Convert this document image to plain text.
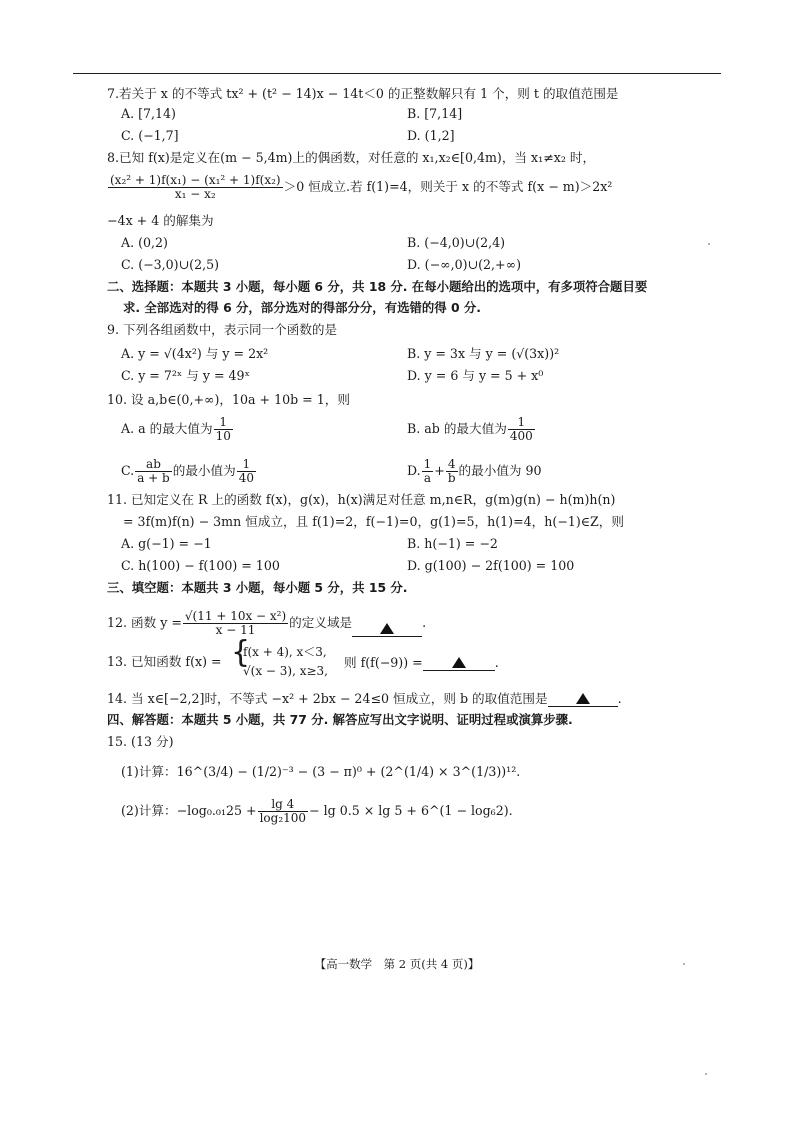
7.若关于 x 的不等式 tx² + (t² − 14)x − 14t＜0 的正整数解只有 1 个，则 t 的取值范围是
A. [7,14)	B. [7,14]
C. (−1,7]	D. (1,2]
8.已知 f(x)是定义在(m − 5,4m)上的偶函数，对任意的 x₁,x₂∈[0,4m)，当 x₁≠x₂ 时，
$\frac{\text{(x₂² + 1)f(x₁) − (x₁² + 1)f(x₂)}}{\text{x₁ − x₂}} >0$ 恒成立.若 f(1)=4，则关于 x 的不等式 f(x − m)＞2x²
−4x + 4 的解集为
A. (0,2)	B. (−4,0)∪(2,4)
C. (−3,0)∪(2,5)	D. (−∞,0)∪(2,+∞)
二、选择题：本题共 3 小题，每小题 6 分，共 18 分. 在每小题给出的选项中，有多项符合题目要
求. 全部选对的得 6 分，部分选对的得部分分，有选错的得 0 分.
9. 下列各组函数中，表示同一个函数的是
A. y = √(4x²) 与 y = 2x²	B. y = 3x 与 y = (√(3x))²
C. y = 7²ˣ 与 y = 49ˣ	D. y = 6 与 y = 5 + x⁰
10. 设 a,b∈(0,+∞)，10a + 10b = 1，则
A. a 的最大值为 $\frac{1}{10}$	B. ab 的最大值为 $\frac{1}{400}$
C. $\frac{ab}{a + b}$ 的最小值为 $\frac{1}{40}$	D. $\frac{1}{a} + \frac{4}{b}$ 的最小值为 90
11. 已知定义在 R 上的函数 f(x)，g(x)，h(x)满足对任意 m,n∈R，g(m)g(n) − h(m)h(n)
= 3f(m)f(n) − 3mn 恒成立，且 f(1)=2，f(−1)=0，g(1)=5，h(1)=4，h(−1)∈Z，则
A. g(−1) = −1	B. h(−1) = −2
C. h(100) − f(100) = 100	D. g(100) − 2f(100) = 100
三、填空题：本题共 3 小题，每小题 5 分，共 15 分.
12. 函数 $y = \frac{\text{√(11 + 10x − x²)}}{x - 11}$ 的定义域是	.
13. 已知函数 f(x) = {
f(x + 4), x＜3,
√(x − 3), x≥3,
则 f(f(−9)) =	.
14. 当 x∈[−2,2]时，不等式 −x² + 2bx − 24≤0 恒成立，则 b 的取值范围是	.
四、解答题：本题共 5 小题，共 77 分. 解答应写出文字说明、证明过程或演算步骤.
15. (13 分)
(1)计算：16^(3/4) − (1/2)⁻³ − (3 − π)⁰ + (2^(1/4) × 3^(1/3))¹².
(2)计算：$-\log_0._{01}25 + \frac{\lg 4}{\text{log₂100}} - \lg 0.5 \times \lg 5$ + 6^(1 − log₆2).
【高一数学　第 2 页(共 4 页)】
